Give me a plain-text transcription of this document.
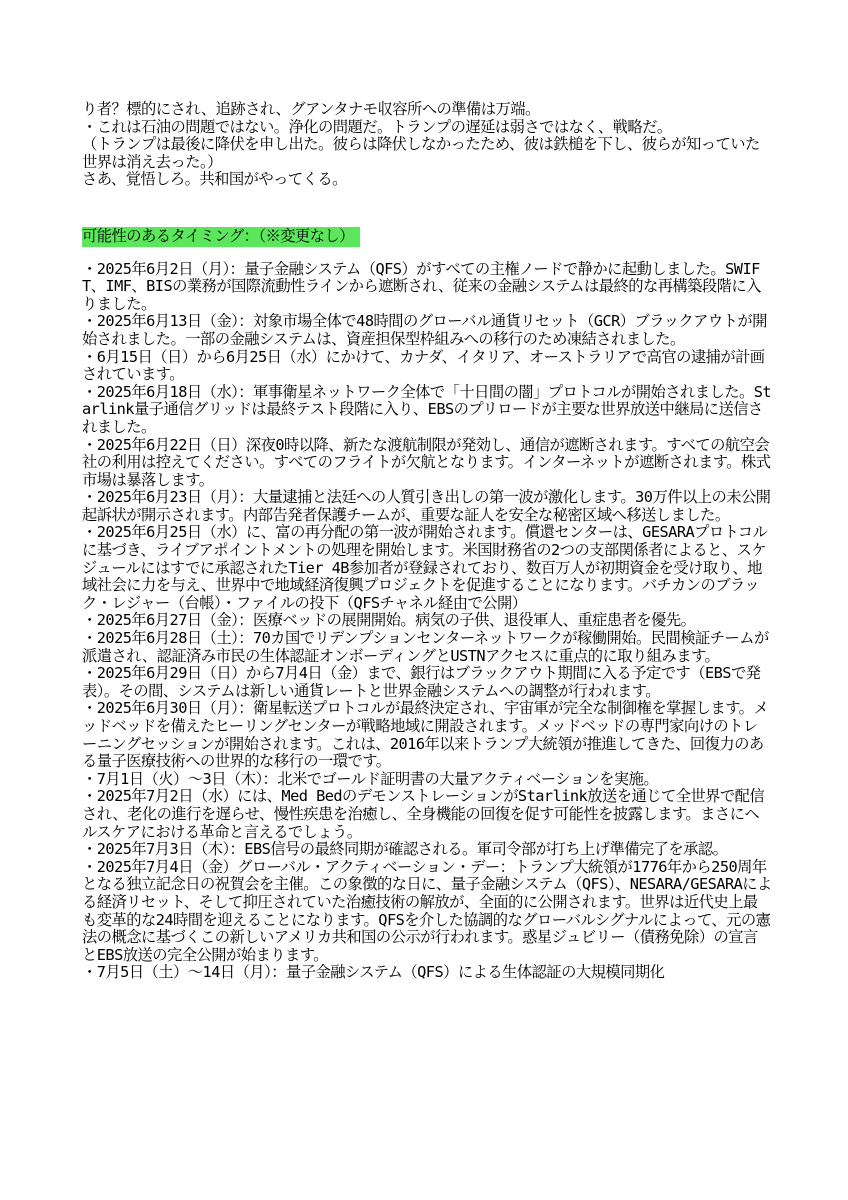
り者？標的にされ、追跡され、グアンタナモ収容所への準備は万端。

・これは石油の問題ではない。浄化の問題だ。トランプの遅延は弱さではなく、戦略だ。

（トランプは最後に降伏を申し出た。彼らは降伏しなかったため、彼は鉄槌を下し、彼らが知っていた世界は消え去った。）

さあ、覚悟しろ。共和国がやってくる。

可能性のあるタイミング：（※変更なし）

・2025年6月2日（月）：量子金融システム（QFS）がすべての主権ノードで静かに起動しました。SWIFT、IMF、BISの業務が国際流動性ラインから遮断され、従来の金融システムは最終的な再構築段階に入りました。

・2025年6月13日（金）：対象市場全体で48時間のグローバル通貨リセット（GCR）ブラックアウトが開始されました。一部の金融システムは、資産担保型枠組みへの移行のため凍結されました。

・6月15日（日）から6月25日（水）にかけて、カナダ、イタリア、オーストラリアで高官の逮捕が計画されています。

・2025年6月18日（水）：軍事衛星ネットワーク全体で「十日間の闇」プロトコルが開始されました。Starlink量子通信グリッドは最終テスト段階に入り、EBSのプリロードが主要な世界放送中継局に送信されました。

・2025年6月22日（日）深夜0時以降、新たな渡航制限が発効し、通信が遮断されます。すべての航空会社の利用は控えてください。すべてのフライトが欠航となります。インターネットが遮断されます。株式市場は暴落します。

・2025年6月23日（月）：大量逮捕と法廷への人質引き出しの第一波が激化します。30万件以上の未公開起訴状が開示されます。内部告発者保護チームが、重要な証人を安全な秘密区域へ移送しました。

・2025年6月25日（水）に、富の再分配の第一波が開始されます。償還センターは、GESARAプロトコルに基づき、ライブアポイントメントの処理を開始します。米国財務省の2つの支部関係者によると、スケジュールにはすでに承認されたTier 4B参加者が登録されており、数百万人が初期資金を受け取り、地域社会に力を与え、世界中で地域経済復興プロジェクトを促進することになります。バチカンのブラック・レジャー（台帳）・ファイルの投下（QFSチャネル経由で公開）

・2025年6月27日（金）：医療ベッドの展開開始。病気の子供、退役軍人、重症患者を優先。

・2025年6月28日（土）：70カ国でリデンプションセンターネットワークが稼働開始。民間検証チームが派遣され、認証済み市民の生体認証オンボーディングとUSTNアクセスに重点的に取り組みます。

・2025年6月29日（日）から7月4日（金）まで、銀行はブラックアウト期間に入る予定です（EBSで発表）。その間、システムは新しい通貨レートと世界金融システムへの調整が行われます。

・2025年6月30日（月）：衛星転送プロトコルが最終決定され、宇宙軍が完全な制御権を掌握します。メッドベッドを備えたヒーリングセンターが戦略地域に開設されます。メッドベッドの専門家向けのトレーニングセッションが開始されます。これは、2016年以来トランプ大統領が推進してきた、回復力のある量子医療技術への世界的な移行の一環です。

・7月1日（火）～3日（木）：北米でゴールド証明書の大量アクティベーションを実施。

・2025年7月2日（水）には、Med BedのデモンストレーションがStarlink放送を通じて全世界で配信され、老化の進行を遅らせ、慢性疾患を治癒し、全身機能の回復を促す可能性を披露します。まさにヘルスケアにおける革命と言えるでしょう。

・2025年7月3日（木）：EBS信号の最終同期が確認される。軍司令部が打ち上げ準備完了を承認。

・2025年7月4日（金）グローバル・アクティベーション・デー：トランプ大統領が1776年から250周年となる独立記念日の祝賀会を主催。この象徴的な日に、量子金融システム（QFS）、NESARA/GESARAによる経済リセット、そして抑圧されていた治癒技術の解放が、全面的に公開されます。世界は近代史上最も変革的な24時間を迎えることになります。QFSを介した協調的なグローバルシグナルによって、元の憲法の概念に基づくこの新しいアメリカ共和国の公示が行われます。惑星ジュビリー（債務免除）の宣言とEBS放送の完全公開が始まります。

・7月5日（土）～14日（月）：量子金融システム（QFS）による生体認証の大規模同期化
